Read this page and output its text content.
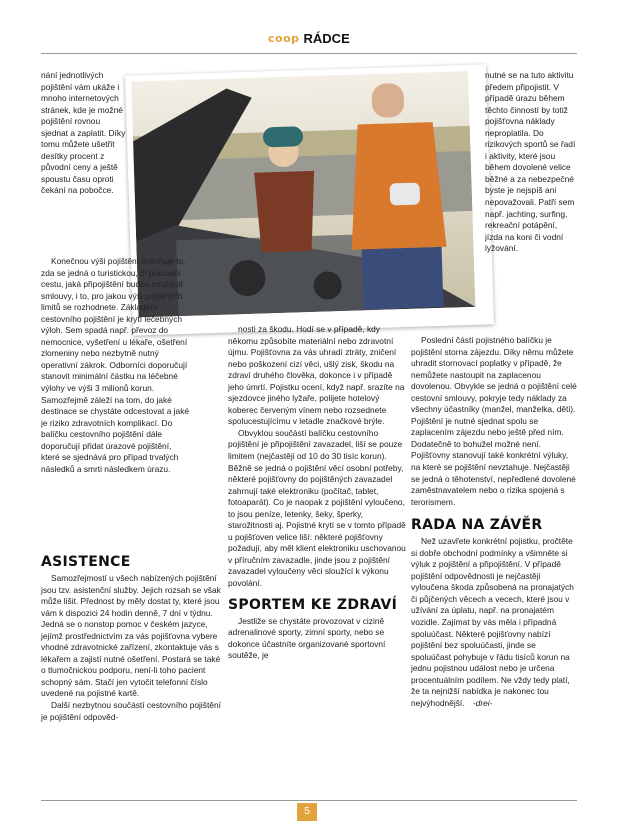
coop RÁDCE

nání jednotlivých pojištění vám ukáže i mnoho internetových stránek, kde je možné pojištění rovnou sjednat a zaplatit. Díky tomu můžete ušetřit desítky procent z původní ceny a ještě spoustu času oproti čekání na pobočce.

Konečnou výši pojištění ovlivňuje to, zda se jedná o turistickou, či pracovní cestu, jaká připojištění budou součástí smlouvy, i to, pro jakou výši pojistných limitů se rozhodnete. Základem cestovního pojištění je krytí léčebných výloh. Sem spadá např. převoz do nemocnice, vyšetření u lékaře, ošetření zlomeniny nebo nezbytně nutný operativní zákrok. Odborníci doporučují stanovit minimální částku na léčebné výlohy ve výši 3 milionů korun. Samozřejmě záleží na tom, do jaké destinace se chystáte odcestovat a jaké je riziko zdravotních komplikací. Do balíčku cestovního pojištění dále doporučují přidat úrazové pojištění, které se sjednává pro případ trvalých následků a smrti následkem úrazu.

ASISTENCE

Samozřejmostí u všech nabízených pojištění jsou tzv. asistenční služby. Jejich rozsah se však může lišit. Přednost by měly dostat ty, které jsou vám k dispozici 24 hodin denně, 7 dní v týdnu. Jedná se o nonstop pomoc v českém jazyce, jejímž prostřednictvím za vás pojišťovna vybere vhodné zdravotnické zařízení, zkontaktuje vás s lékařem a zajistí nutné ošetření. Postará se také o tlumočnickou podporu, není-li toho pacient schopný sám. Stačí jen vytočit telefonní číslo uvedené na pojistné kartě.

Další nezbytnou součástí cestovního pojištění je pojištění odpověd-

nosti za škodu. Hodí se v případě, kdy někomu způsobíte materiální nebo zdravotní újmu. Pojišťovna za vás uhradí ztráty, zničení nebo poškození cizí věci, ušlý zisk, škodu na zdraví druhého člověka, dokonce i v případě jeho úmrtí. Pojistku ocení, když např. srazíte na sjezdovce jiného lyžaře, polijete hotelový koberec červeným vínem nebo rozsednete spolucestujícímu v letadle značkové brýle.

Obvyklou součástí balíčku cestovního pojištění je připojištění zavazadel, liší se pouze limitem (nejčastěji od 10 do 30 tisíc korun). Běžně se jedná o pojištění věcí osobní potřeby, některé pojišťovny do pojištěných zavazadel zahrnují také elektroniku (počítač, tablet, fotoaparát). Co je naopak z pojištění vyloučeno, to jsou peníze, letenky, šeky, šperky, starožitnosti aj. Pojistné krytí se v tomto případě u pojišťoven velice liší: některé pojišťovny požadují, aby měl klient elektroniku uschovanou v příručním zavazadle, jinde jsou z pojištění zavazadel vyloučeny věci sloužící k výkonu povolání.

SPORTEM KE ZDRAVÍ

Jestliže se chystáte provozovat v cizině adrenalinové sporty, zimní sporty, nebo se dokonce účastníte organizované sportovní soutěže, je

nutné se na tuto aktivitu předem připojistit. V případě úrazu během těchto činností by totiž pojišťovna náklady neproplatila. Do rizikových sportů se řadí i aktivity, které jsou během dovolené velice běžné a za nebezpečné byste je nejspíš ani nepovažovali. Patří sem např. jachting, surfing, rekreační potápění, jízda na koni či vodní lyžování.

Poslední částí pojistného balíčku je pojištění storna zájezdu. Díky němu můžete uhradit stornovací poplatky v případě, že nemůžete nastoupit na zaplacenou dovolenou. Obvykle se jedná o pojištění celé cestovní smlouvy, pokryje tedy náklady za všechny účastníky (manžel, manželka, děti). Pojištění je nutné sjednat spolu se zaplacením zájezdu nebo ještě před ním. Dodatečně to bohužel možné není. Pojišťovny stanovují také konkrétní výluky, na které se pojištění nevztahuje. Nejčastěji se jedná o těhotenství, nepředlené dovolené zaměstnavatelem nebo o rizika spojená s terorismem.

RADA NA ZÁVĚR

Než uzavřete konkrétní pojistku, pročtěte si dobře obchodní podmínky a všimněte si výluk z pojištění a připojištění. V případě pojištění odpovědnosti je nejčastěji vyloučena škoda způsobená na pronajatých či půjčených věcech a vecech, které jsou v užívání za úplatu, např. na pronajatém vozidle. Zajímat by vás měla i případná spoluúčast. Některé pojišťovny nabízí pojištění bez spoluúčasti, jinde se spoluúčast pohybuje v řádu tisíců korun na jednu pojistnou událost nebo je určena procentuálním podílem. Ne vždy tedy platí, že ta nejnižší nabídka je nakonec tou nejvýhodnější. -drei-

5
